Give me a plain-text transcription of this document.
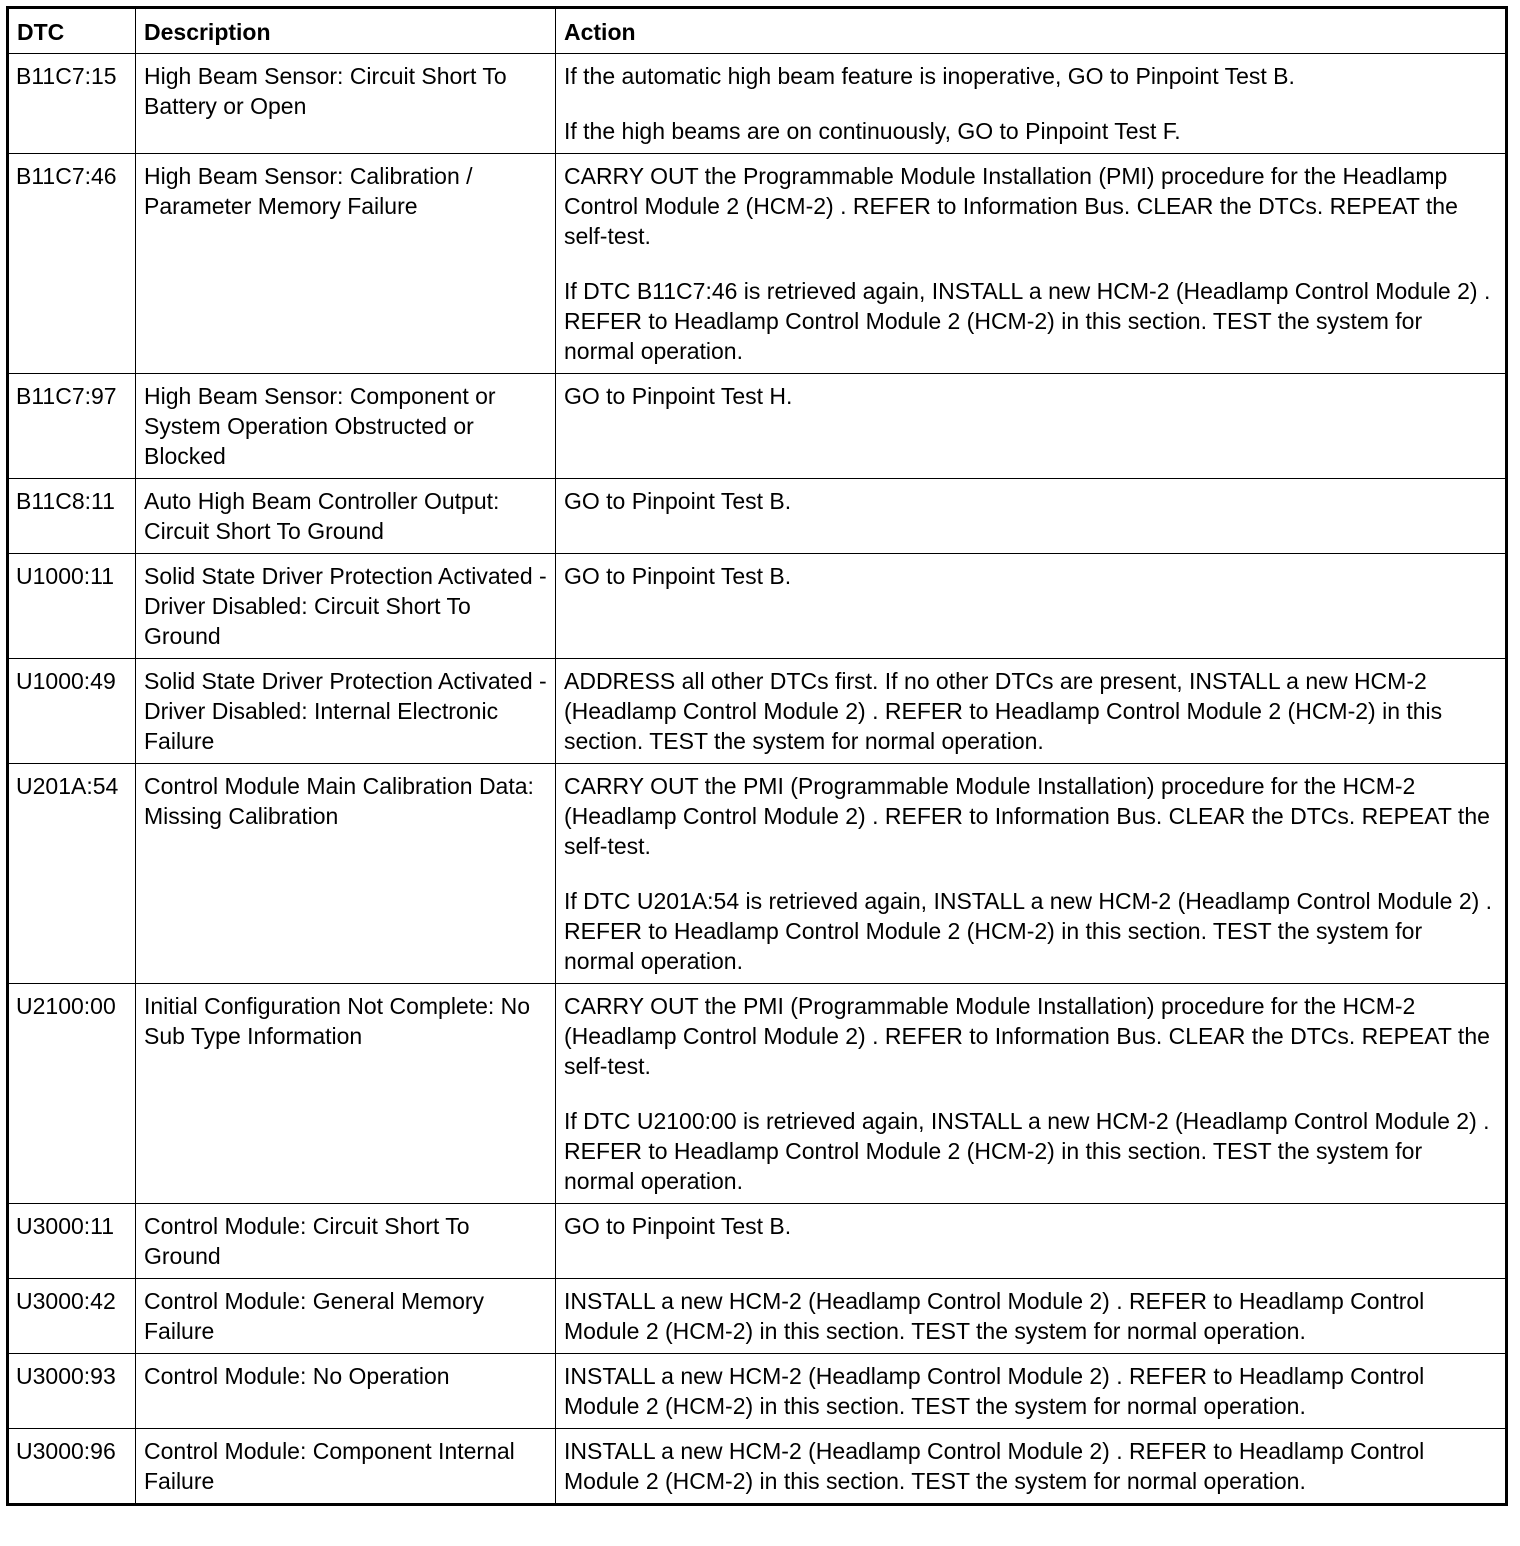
DTC	Description	Action
B11C7:15	High Beam Sensor: Circuit Short To Battery or Open	If the automatic high beam feature is inoperative, GO to Pinpoint Test B.

If the high beams are on continuously, GO to Pinpoint Test F.

B11C7:46	High Beam Sensor: Calibration / Parameter Memory Failure	CARRY OUT the Programmable Module Installation (PMI) procedure for the Headlamp Control Module 2 (HCM-2) . REFER to Information Bus. CLEAR the DTCs. REPEAT the self-test.

If DTC B11C7:46 is retrieved again, INSTALL a new HCM-2 (Headlamp Control Module 2) . REFER to Headlamp Control Module 2 (HCM-2) in this section. TEST the system for normal operation.

B11C7:97	High Beam Sensor: Component or System Operation Obstructed or Blocked	GO to Pinpoint Test H.

B11C8:11	Auto High Beam Controller Output: Circuit Short To Ground	GO to Pinpoint Test B.

U1000:11	Solid State Driver Protection Activated - Driver Disabled: Circuit Short To Ground	GO to Pinpoint Test B.

U1000:49	Solid State Driver Protection Activated - Driver Disabled: Internal Electronic Failure	ADDRESS all other DTCs first. If no other DTCs are present, INSTALL a new HCM-2 (Headlamp Control Module 2) . REFER to Headlamp Control Module 2 (HCM-2) in this section. TEST the system for normal operation.

U201A:54	Control Module Main Calibration Data: Missing Calibration	CARRY OUT the PMI (Programmable Module Installation) procedure for the HCM-2 (Headlamp Control Module 2) . REFER to Information Bus. CLEAR the DTCs. REPEAT the self-test.

If DTC U201A:54 is retrieved again, INSTALL a new HCM-2 (Headlamp Control Module 2) . REFER to Headlamp Control Module 2 (HCM-2) in this section. TEST the system for normal operation.

U2100:00	Initial Configuration Not Complete: No Sub Type Information	CARRY OUT the PMI (Programmable Module Installation) procedure for the HCM-2 (Headlamp Control Module 2) . REFER to Information Bus. CLEAR the DTCs. REPEAT the self-test.

If DTC U2100:00 is retrieved again, INSTALL a new HCM-2 (Headlamp Control Module 2) . REFER to Headlamp Control Module 2 (HCM-2) in this section. TEST the system for normal operation.

U3000:11	Control Module: Circuit Short To Ground	GO to Pinpoint Test B.

U3000:42	Control Module: General Memory Failure	INSTALL a new HCM-2 (Headlamp Control Module 2) . REFER to Headlamp Control Module 2 (HCM-2) in this section. TEST the system for normal operation.

U3000:93	Control Module: No Operation	INSTALL a new HCM-2 (Headlamp Control Module 2) . REFER to Headlamp Control Module 2 (HCM-2) in this section. TEST the system for normal operation.

U3000:96	Control Module: Component Internal Failure	INSTALL a new HCM-2 (Headlamp Control Module 2) . REFER to Headlamp Control Module 2 (HCM-2) in this section. TEST the system for normal operation.
